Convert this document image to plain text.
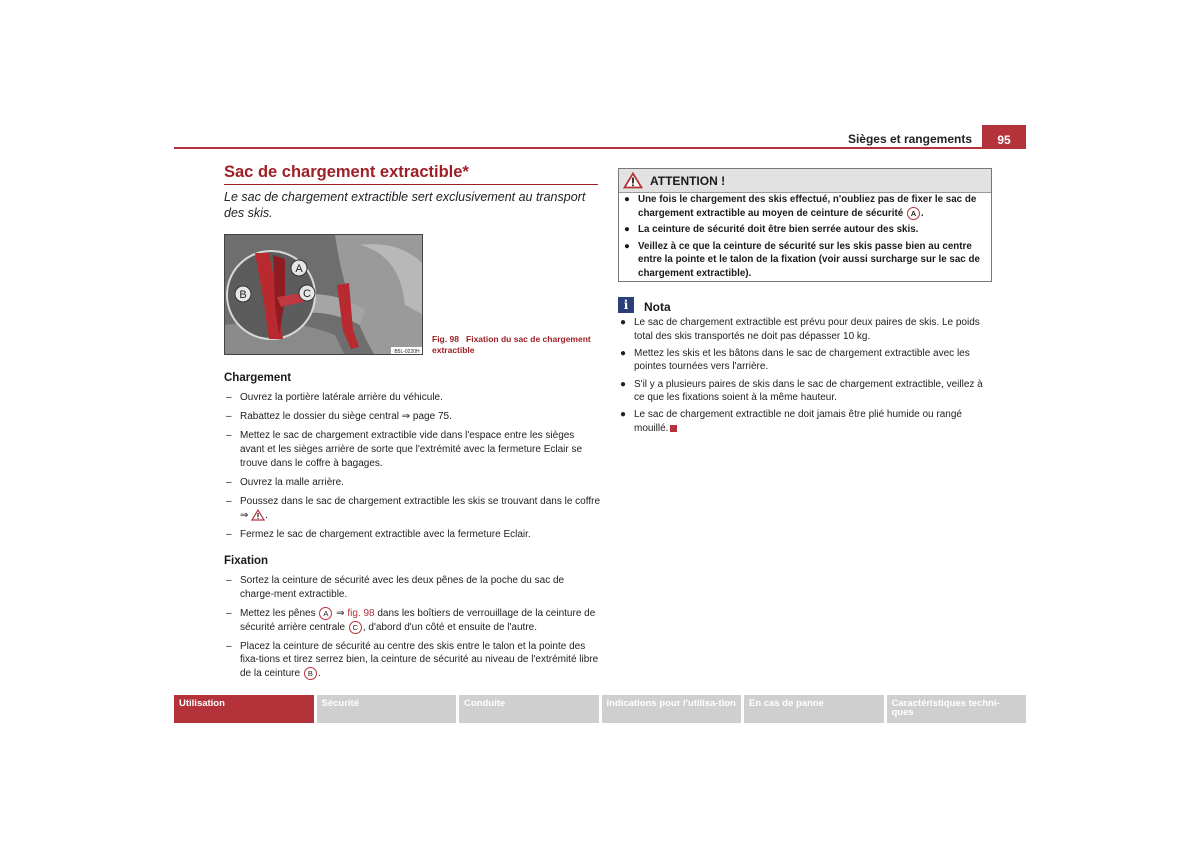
Sièges et rangements	95
Sac de chargement extractible*
Le sac de chargement extractible sert exclusivement au transport des skis.
A
B	C
B5L-0220H
Fig. 98 Fixation du sac de chargement extractible
Chargement
– Ouvrez la portière latérale arrière du véhicule.
– Rabattez le dossier du siège central ⇒ page 75.
– Mettez le sac de chargement extractible vide dans l'espace entre les sièges avant et les sièges arrière de sorte que l'extrémité avec la fermeture Eclair se trouve dans le coffre à bagages.
– Ouvrez la malle arrière.
– Poussez dans le sac de chargement extractible les skis se trouvant dans le coffre
⇒ .
– Fermez le sac de chargement extractible avec la fermeture Eclair.
Fixation
– Sortez la ceinture de sécurité avec les deux pênes de la poche du sac de charge-ment extractible.
– Mettez les pênes A ⇒ fig. 98 dans les boîtiers de verrouillage de la ceinture de sécurité arrière centrale C , d'abord d'un côté et ensuite de l'autre.
– Placez la ceinture de sécurité au centre des skis entre le talon et la pointe des fixa-tions et tirez serrez bien, la ceinture de sécurité au niveau de l'extrémité libre de la ceinture B .
ATTENTION !
● Une fois le chargement des skis effectué, n'oubliez pas de fixer le sac de chargement extractible au moyen de ceinture de sécurité A .
● La ceinture de sécurité doit être bien serrée autour des skis.
● Veillez à ce que la ceinture de sécurité sur les skis passe bien au centre entre la pointe et le talon de la fixation (voir aussi surcharge sur le sac de chargement extractible).
i	Nota
● Le sac de chargement extractible est prévu pour deux paires de skis. Le poids total des skis transportés ne doit pas dépasser 10 kg.
● Mettez les skis et les bâtons dans le sac de chargement extractible avec les pointes tournées vers l'arrière.
● S'il y a plusieurs paires de skis dans le sac de chargement extractible, veillez à ce que les fixations soient à la même hauteur.
● Le sac de chargement extractible ne doit jamais être plié humide ou rangé mouillé.
Utilisation	Sécurité	Conduite	Indications pour l'utilisa-tion	En cas de panne	Caractéristiques techni-ques
